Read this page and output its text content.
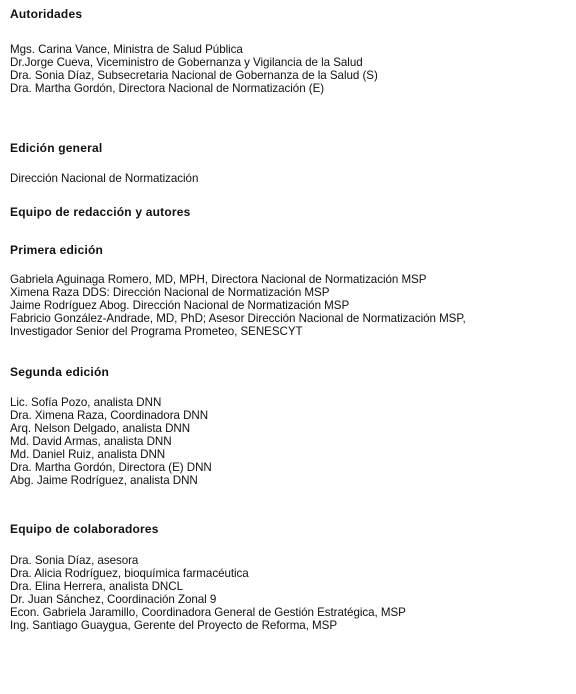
Autoridades
Mgs. Carina Vance, Ministra de Salud Pública
Dr.Jorge Cueva, Viceministro de Gobernanza y Vigilancia de la Salud
Dra. Sonia Díaz, Subsecretaria Nacional de Gobernanza de la Salud (S)
Dra. Martha Gordón, Directora Nacional de Normatización (E)
Edición general
Dirección Nacional de Normatización
Equipo de redacción y autores
Primera edición
Gabriela Aguinaga Romero, MD, MPH, Directora Nacional de Normatización MSP
Ximena Raza DDS: Dirección Nacional de Normatización MSP
Jaime Rodríguez Abog. Dirección Nacional de Normatización MSP
Fabricio González-Andrade, MD, PhD; Asesor Dirección Nacional de Normatización MSP,
Investigador Senior del Programa Prometeo, SENESCYT
Segunda edición
Lic. Sofía Pozo, analista DNN
Dra. Ximena Raza, Coordinadora DNN
Arq. Nelson Delgado, analista DNN
Md. David Armas, analista DNN
Md. Daniel Ruiz, analista DNN
Dra. Martha Gordón, Directora (E) DNN
Abg. Jaime Rodríguez, analista DNN
Equipo de colaboradores
Dra. Sonia Díaz, asesora
Dra. Alicia Rodríguez, bioquímica farmacéutica
Dra. Elina Herrera, analista DNCL
Dr. Juan Sánchez, Coordinación Zonal 9
Econ. Gabriela Jaramillo, Coordinadora General de Gestión Estratégica, MSP
Ing. Santiago Guaygua, Gerente del Proyecto de Reforma, MSP
